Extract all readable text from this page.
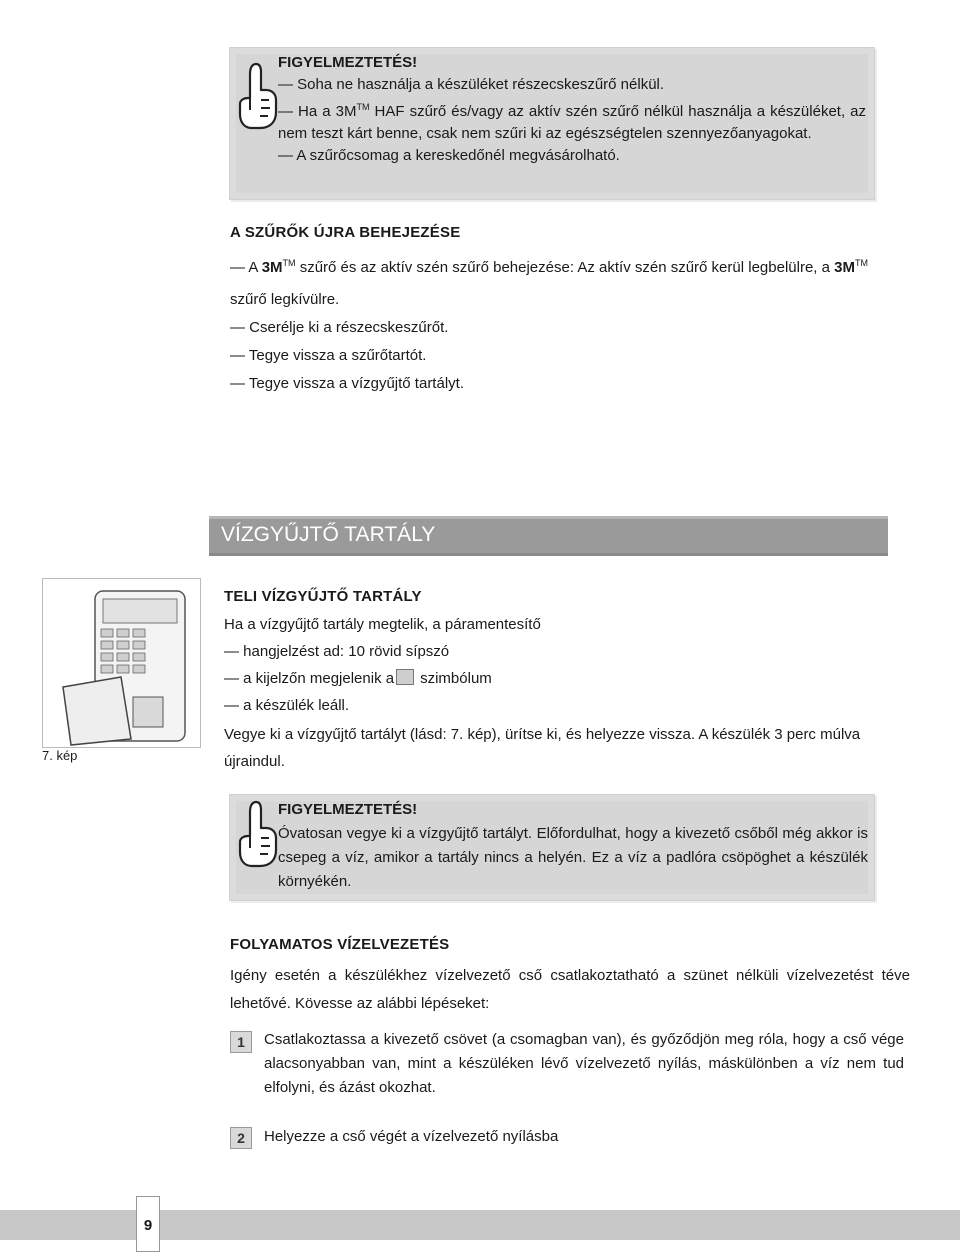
FIGYELMEZTETÉS!
— Soha ne használja a készüléket részecskeszűrő nélkül.
— Ha a 3M™ HAF szűrő és/vagy az aktív szén szűrő nélkül használja a készüléket, az nem teszt kárt benne, csak nem szűri ki az egészségtelen szennyezőanyagokat.
— A szűrőcsomag a kereskedőnél megvásárolható.
A SZŰRŐK ÚJRA BEHEJEZÉSE
— A 3M™ szűrő és az aktív szén szűrő behejezése: Az aktív szén szűrő kerül legbelülre, a 3M™
szűrő legkívülre.
— Cserélje ki a részecskeszűrőt.
— Tegye vissza a szűrőtartót.
— Tegye vissza a vízgyűjtő tartályt.
VÍZGYŰJTŐ TARTÁLY
7. kép
TELI VÍZGYŰJTŐ TARTÁLY
Ha a vízgyűjtő tartály megtelik, a páramentesítő
— hangjelzést ad: 10 rövid sípszó
— a kijelzőn megjelenik a szimbólum
— a készülék leáll.
Vegye ki a vízgyűjtő tartályt (lásd: 7. kép), ürítse ki, és helyezze vissza. A készülék 3 perc múlva újraindul.
FIGYELMEZTETÉS!
Óvatosan vegye ki a vízgyűjtő tartályt. Előfordulhat, hogy a kivezető csőből még akkor is csepeg a víz, amikor a tartály nincs a helyén. Ez a víz a padlóra csöpöghet a készülék környékén.
FOLYAMATOS VÍZELVEZETÉS
Igény esetén a készülékhez vízelvezető cső csatlakoztatható a szünet nélküli vízelvezetést téve lehetővé. Kövesse az alábbi lépéseket:
1	Csatlakoztassa a kivezető csövet (a csomagban van), és győződjön meg róla, hogy a cső vége alacsonyabban van, mint a készüléken lévő vízelvezető nyílás, máskülönben a víz nem tud elfolyni, és ázást okozhat.
2	Helyezze a cső végét a vízelvezető nyílásba
9
